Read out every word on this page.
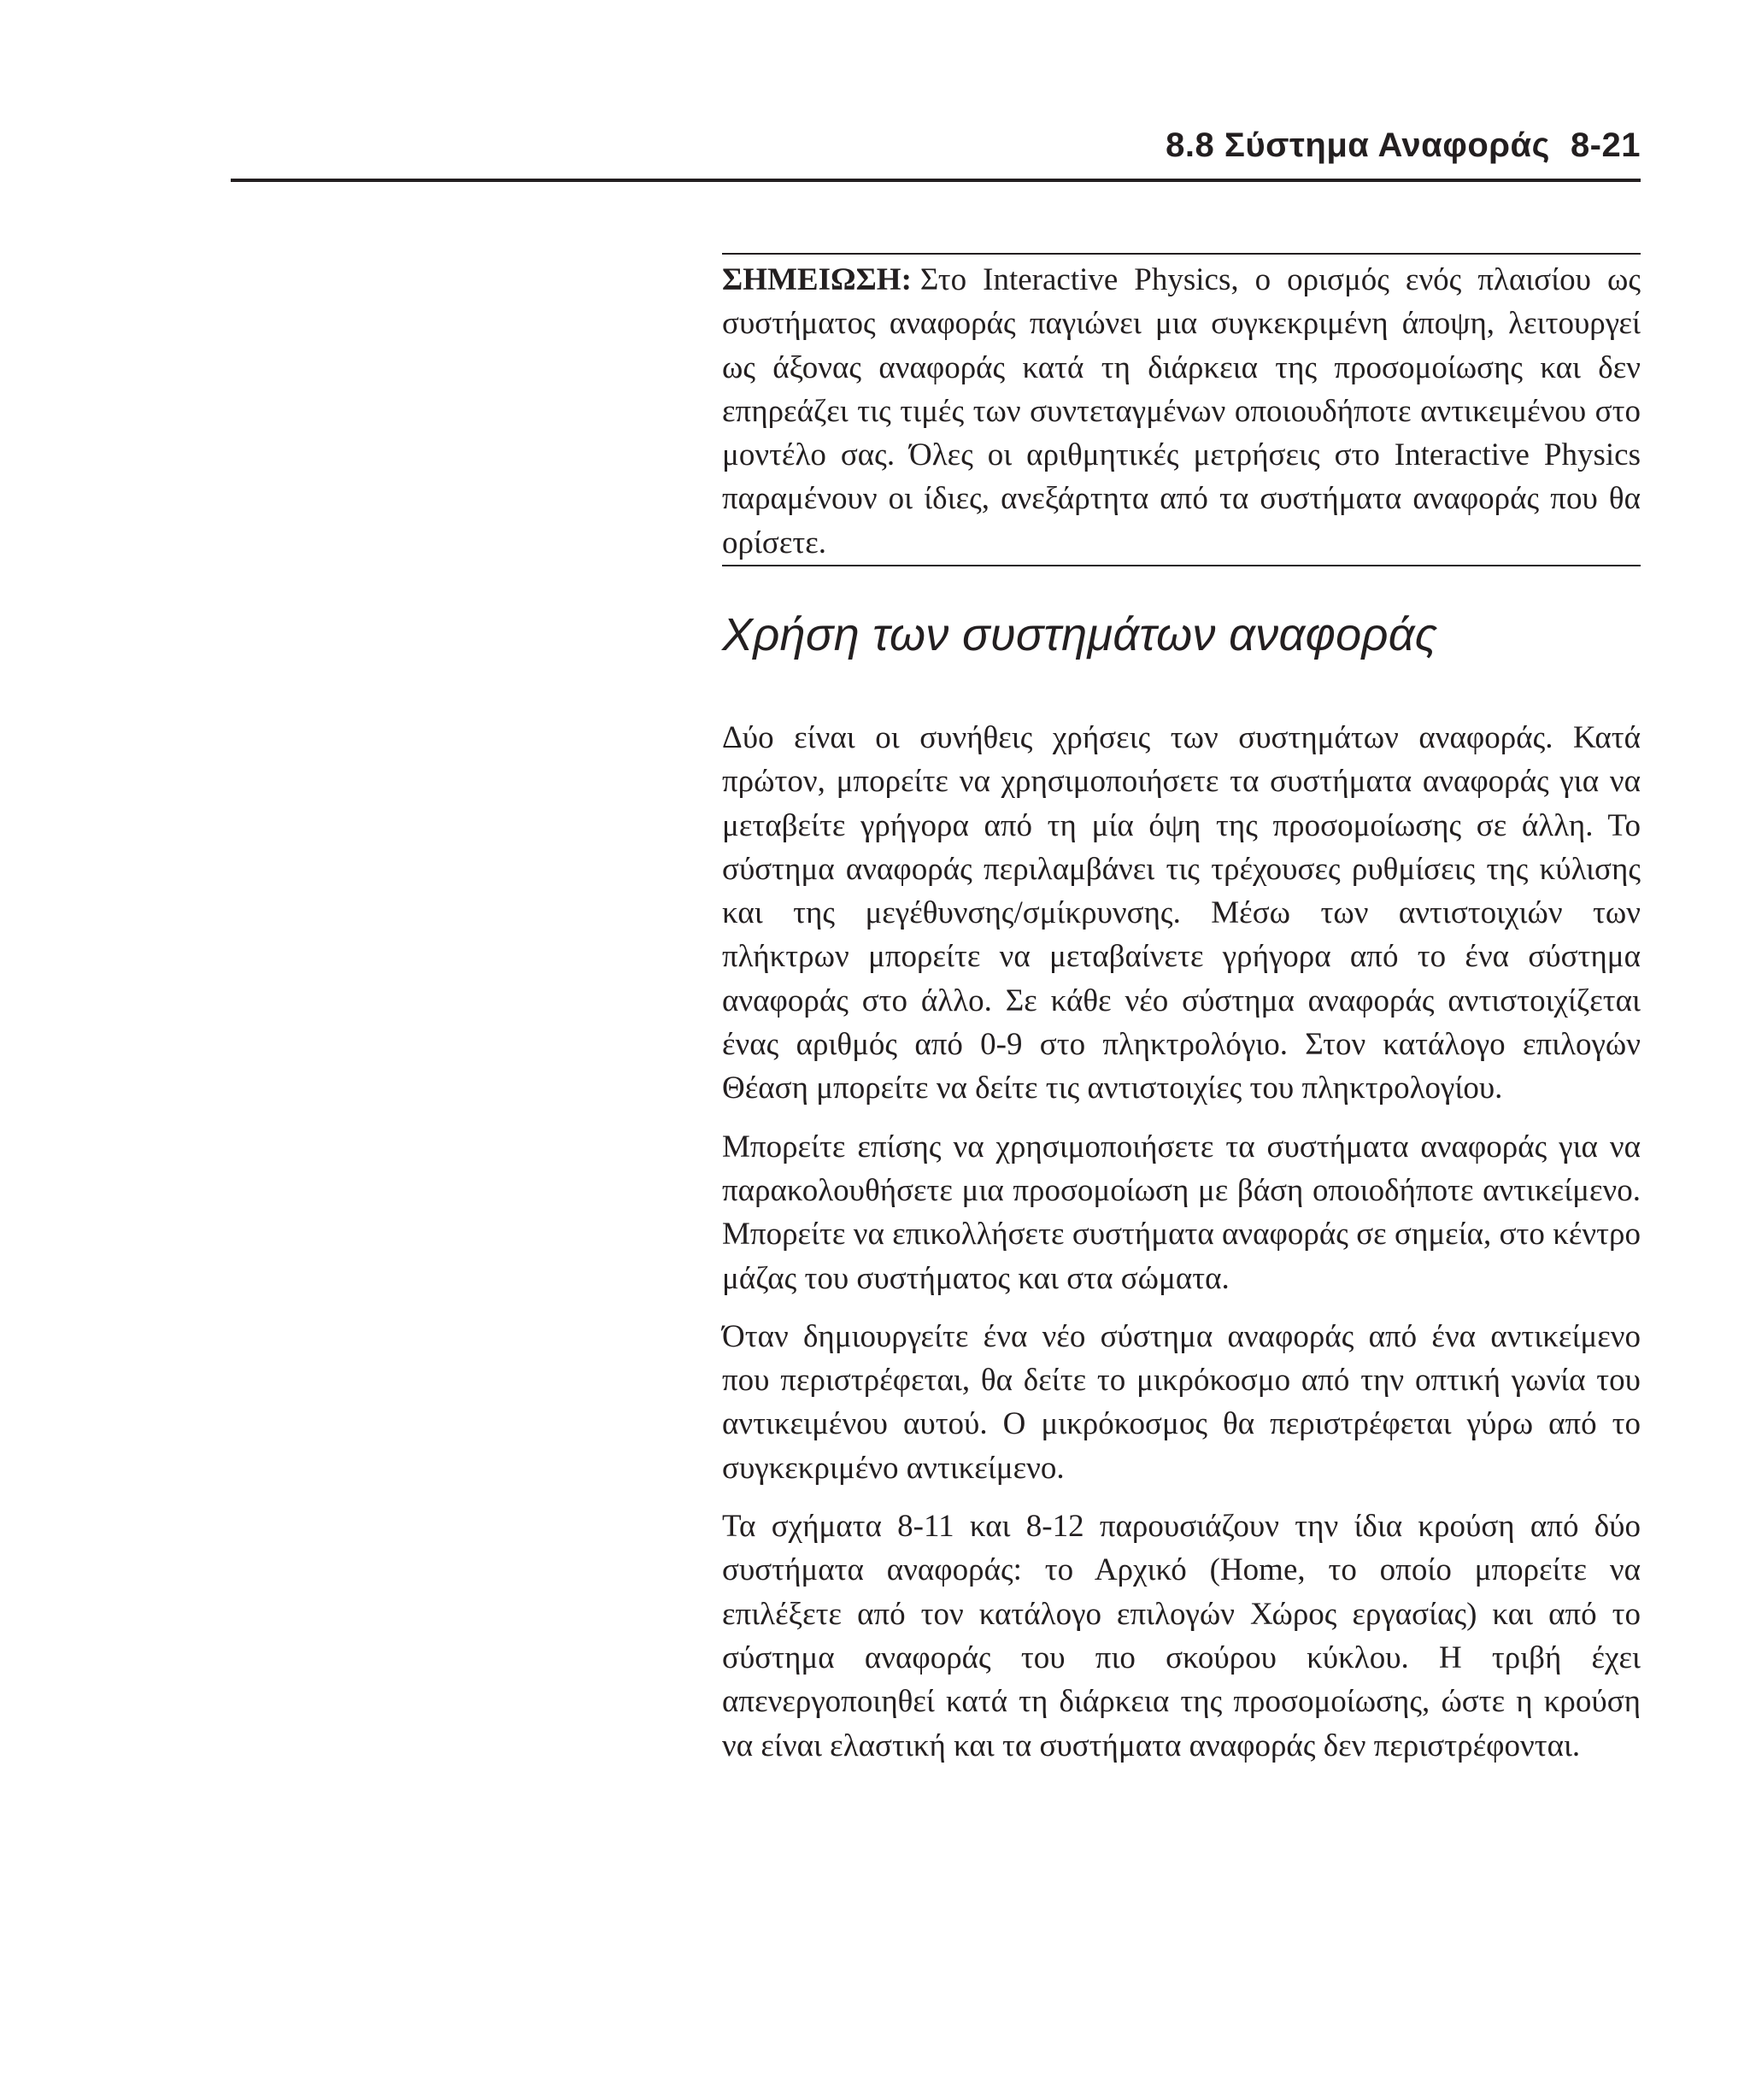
8.8 Σύστημα Αναφοράς 8-21
ΣΗΜΕΙΩΣΗ: Στο Interactive Physics, ο ορισμός ενός πλαισίου ως συστήματος αναφοράς παγιώνει μια συγκεκριμένη άποψη, λειτουργεί ως άξονας αναφοράς κατά τη διάρκεια της προσομοίωσης και δεν επηρεάζει τις τιμές των συντεταγμένων οποιουδήποτε αντικειμένου στο μοντέλο σας. Όλες οι αριθμητικές μετρήσεις στο Interactive Physics παραμένουν οι ίδιες, ανεξάρτητα από τα συστήματα αναφοράς που θα ορίσετε.
Χρήση των συστημάτων αναφοράς

Δύο είναι οι συνήθεις χρήσεις των συστημάτων αναφοράς. Κατά πρώτον, μπορείτε να χρησιμοποιήσετε τα συστήματα αναφοράς για να μεταβείτε γρήγορα από τη μία όψη της προσομοίωσης σε άλλη. Το σύστημα αναφοράς περιλαμβάνει τις τρέχουσες ρυθμίσεις της κύλισης και της μεγέθυνσης/σμίκρυνσης. Μέσω των αντιστοιχιών των πλήκτρων μπορείτε να μεταβαίνετε γρήγορα από το ένα σύστημα αναφοράς στο άλλο. Σε κάθε νέο σύστημα αναφοράς αντιστοιχίζεται ένας αριθμός από 0-9 στο πληκτρολόγιο. Στον κατάλογο επιλογών Θέαση μπορείτε να δείτε τις αντιστοιχίες του πληκτρολογίου.

Μπορείτε επίσης να χρησιμοποιήσετε τα συστήματα αναφοράς για να παρακολουθήσετε μια προσομοίωση με βάση οποιοδήποτε αντικείμενο. Μπορείτε να επικολλήσετε συστήματα αναφοράς σε σημεία, στο κέντρο μάζας του συστήματος και στα σώματα.

Όταν δημιουργείτε ένα νέο σύστημα αναφοράς από ένα αντικείμενο που περιστρέφεται, θα δείτε το μικρόκοσμο από την οπτική γωνία του αντικειμένου αυτού. Ο μικρόκοσμος θα περιστρέφεται γύρω από το συγκεκριμένο αντικείμενο.

Τα σχήματα 8-11 και 8-12 παρουσιάζουν την ίδια κρούση από δύο συστήματα αναφοράς: το Αρχικό (Home, το οποίο μπορείτε να επιλέξετε από τον κατάλογο επιλογών Χώρος εργασίας) και από το σύστημα αναφοράς του πιο σκούρου κύκλου. Η τριβή έχει απενεργοποιηθεί κατά τη διάρκεια της προσομοίωσης, ώστε η κρούση να είναι ελαστική και τα συστήματα αναφοράς δεν περιστρέφονται.
